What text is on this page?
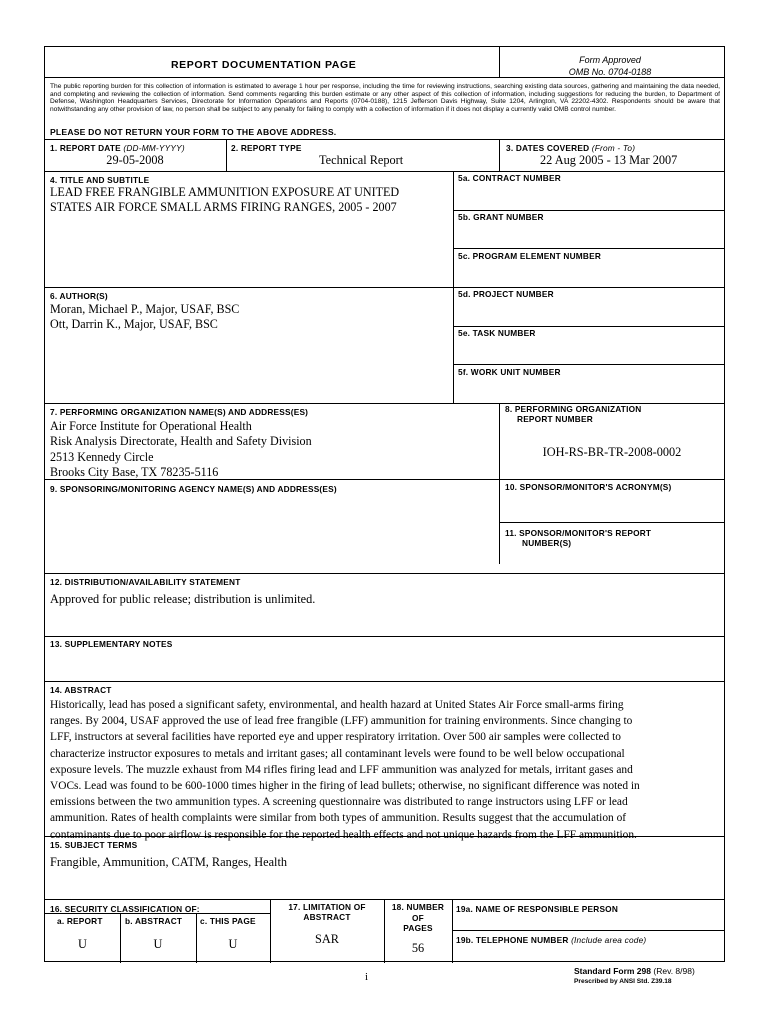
REPORT DOCUMENTATION PAGE	Form Approved
OMB No. 0704-0188
The public reporting burden for this collection of information is estimated to average 1 hour per response, including the time for reviewing instructions, searching existing data sources, gathering and maintaining the data needed, and completing and reviewing the collection of information. Send comments regarding this burden estimate or any other aspect of this collection of information, including suggestions for reducing the burden, to Department of Defense, Washington Headquarters Services, Directorate for Information Operations and Reports (0704-0188), 1215 Jefferson Davis Highway, Suite 1204, Arlington, VA 22202-4302. Respondents should be aware that notwithstanding any other provision of law, no person shall be subject to any penalty for failing to comply with a collection of information if it does not display a currently valid OMB control number.
PLEASE DO NOT RETURN YOUR FORM TO THE ABOVE ADDRESS.
1. REPORT DATE (DD-MM-YYYY)
29-05-2008
2. REPORT TYPE
Technical Report
3. DATES COVERED (From - To)
22 Aug 2005 - 13 Mar 2007
4. TITLE AND SUBTITLE
LEAD FREE FRANGIBLE AMMUNITION EXPOSURE AT UNITED
STATES AIR FORCE SMALL ARMS FIRING RANGES, 2005 - 2007
5a. CONTRACT NUMBER
5b. GRANT NUMBER
5c. PROGRAM ELEMENT NUMBER
6. AUTHOR(S)
Moran, Michael P., Major, USAF, BSC
Ott, Darrin K., Major, USAF, BSC
5d. PROJECT NUMBER
5e. TASK NUMBER
5f. WORK UNIT NUMBER
7. PERFORMING ORGANIZATION NAME(S) AND ADDRESS(ES)
Air Force Institute for Operational Health
Risk Analysis Directorate, Health and Safety Division
2513 Kennedy Circle
Brooks City Base, TX 78235-5116
8. PERFORMING ORGANIZATION
REPORT NUMBER
IOH-RS-BR-TR-2008-0002
9. SPONSORING/MONITORING AGENCY NAME(S) AND ADDRESS(ES)	10. SPONSOR/MONITOR'S ACRONYM(S)
11. SPONSOR/MONITOR'S REPORT
NUMBER(S)
12. DISTRIBUTION/AVAILABILITY STATEMENT
Approved for public release; distribution is unlimited.
13. SUPPLEMENTARY NOTES
14. ABSTRACT
Historically, lead has posed a significant safety, environmental, and health hazard at United States Air Force small-arms firing
ranges. By 2004, USAF approved the use of lead free frangible (LFF) ammunition for training environments. Since changing to
LFF, instructors at several facilities have reported eye and upper respiratory irritation. Over 500 air samples were collected to
characterize instructor exposures to metals and irritant gases; all contaminant levels were found to be well below occupational
exposure levels. The muzzle exhaust from M4 rifles firing lead and LFF ammunition was analyzed for metals, irritant gases and
VOCs. Lead was found to be 600-1000 times higher in the firing of lead bullets; otherwise, no significant difference was noted in
emissions between the two ammunition types. A screening questionnaire was distributed to range instructors using LFF or lead
ammunition. Rates of health complaints were similar from both types of ammunition. Results suggest that the accumulation of
contaminants due to poor airflow is responsible for the reported health effects and not unique hazards from the LFF ammunition.
15. SUBJECT TERMS
Frangible, Ammunition, CATM, Ranges, Health
16. SECURITY CLASSIFICATION OF:
a. REPORT	b. ABSTRACT c. THIS PAGE
U	U	U
17. LIMITATION OF
ABSTRACT
SAR
18. NUMBER
OF
PAGES
56
19a. NAME OF RESPONSIBLE PERSON
19b. TELEPHONE NUMBER (Include area code)
i	Standard Form 298 (Rev. 8/98)
Prescribed by ANSI Std. Z39.18
